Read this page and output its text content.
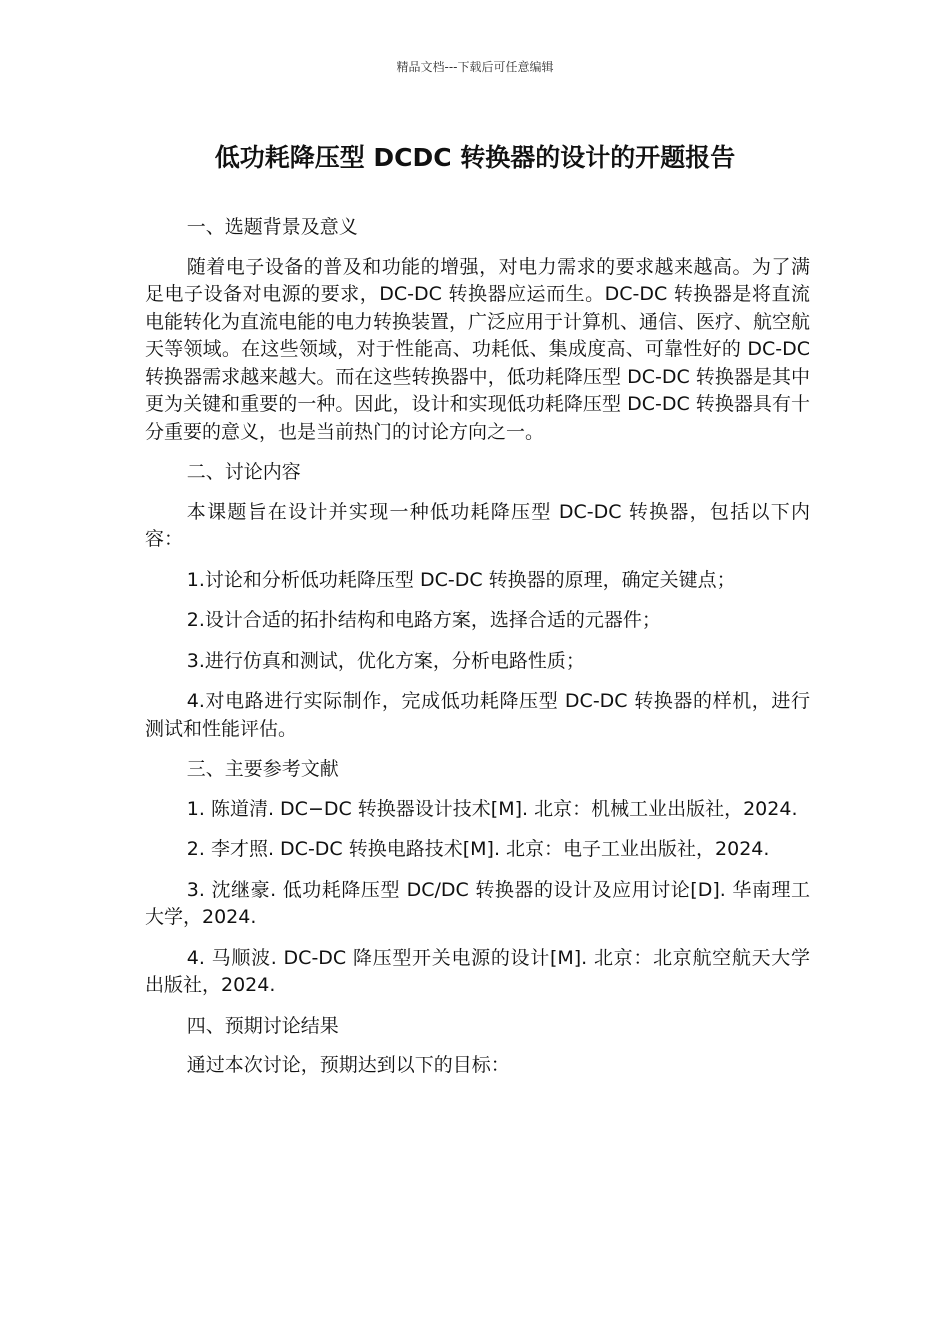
精品文档---下载后可任意编辑
低功耗降压型 DCDC 转换器的设计的开题报告

一、选题背景及意义

随着电子设备的普及和功能的增强，对电力需求的要求越来越高。为了满足电子设备对电源的要求，DC-DC 转换器应运而生。DC-DC 转换器是将直流电能转化为直流电能的电力转换装置，广泛应用于计算机、通信、医疗、航空航天等领域。在这些领域，对于性能高、功耗低、集成度高、可靠性好的 DC-DC 转换器需求越来越大。而在这些转换器中，低功耗降压型 DC-DC 转换器是其中更为关键和重要的一种。因此，设计和实现低功耗降压型 DC-DC 转换器具有十分重要的意义，也是当前热门的讨论方向之一。

二、讨论内容

本课题旨在设计并实现一种低功耗降压型 DC-DC 转换器，包括以下内容：

1.讨论和分析低功耗降压型 DC-DC 转换器的原理，确定关键点；

2.设计合适的拓扑结构和电路方案，选择合适的元器件；

3.进行仿真和测试，优化方案，分析电路性质；

4.对电路进行实际制作，完成低功耗降压型 DC-DC 转换器的样机，进行测试和性能评估。

三、主要参考文献

1. 陈道清. DC−DC 转换器设计技术[M]. 北京：机械工业出版社，2024.

2. 李才照. DC-DC 转换电路技术[M]. 北京：电子工业出版社，2024.

3. 沈继豪. 低功耗降压型 DC/DC 转换器的设计及应用讨论[D]. 华南理工大学，2024.

4. 马顺波. DC-DC 降压型开关电源的设计[M]. 北京：北京航空航天大学出版社，2024.

四、预期讨论结果

通过本次讨论，预期达到以下的目标：
